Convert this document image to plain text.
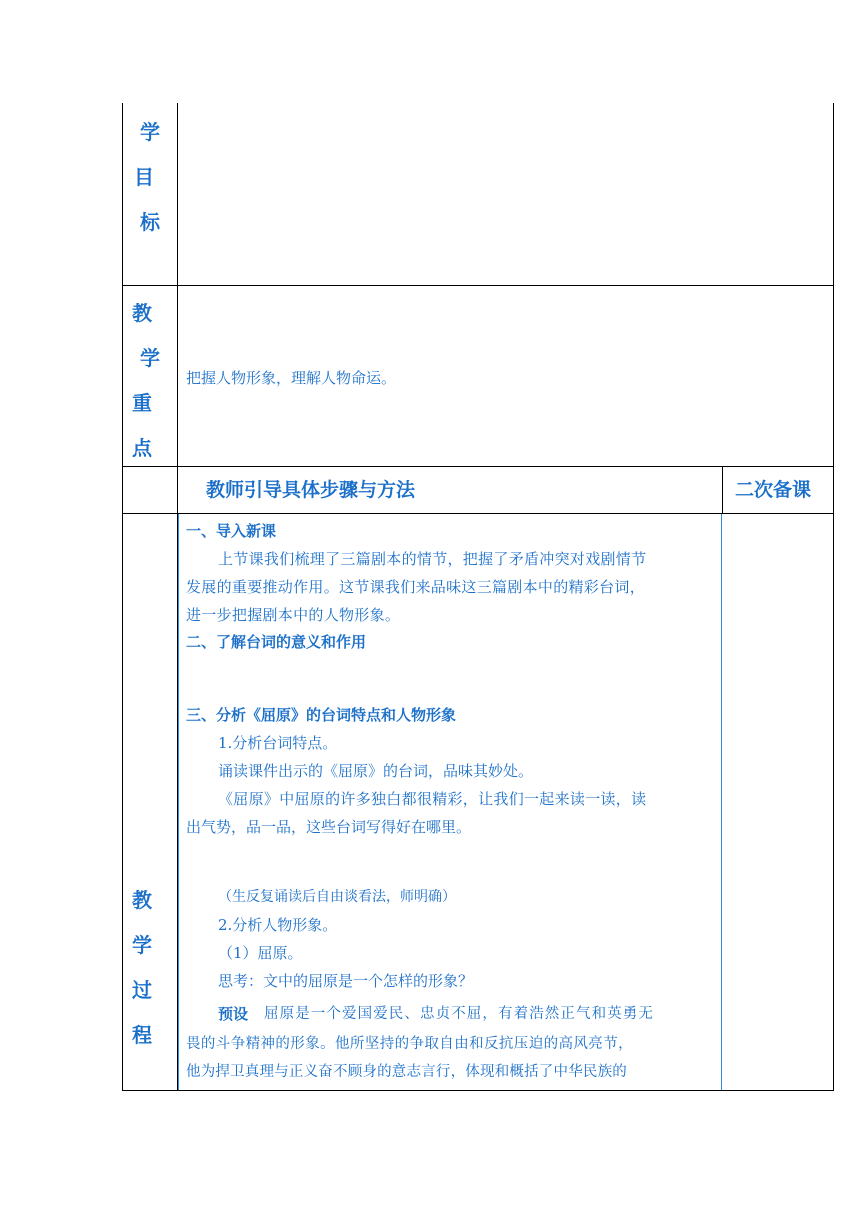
学
目
标
教
学
重
点
把握人物形象，理解人物命运。
教师引导具体步骤与方法	二次备课
教
学
过
程
一、导入新课
上节课我们梳理了三篇剧本的情节，把握了矛盾冲突对戏剧情节
发展的重要推动作用。这节课我们来品味这三篇剧本中的精彩台词，
进一步把握剧本中的人物形象。
二、了解台词的意义和作用
三、分析《屈原》的台词特点和人物形象
1.分析台词特点。
诵读课件出示的《屈原》的台词，品味其妙处。
《屈原》中屈原的许多独白都很精彩，让我们一起来读一读，读
出气势，品一品，这些台词写得好在哪里。
（生反复诵读后自由谈看法，师明确）
2.分析人物形象。
（1）屈原。
思考：文中的屈原是一个怎样的形象？
预设 屈原是一个爱国爱民、忠贞不屈，有着浩然正气和英勇无
畏的斗争精神的形象。他所坚持的争取自由和反抗压迫的高风亮节，
他为捍卫真理与正义奋不顾身的意志言行，体现和概括了中华民族的
